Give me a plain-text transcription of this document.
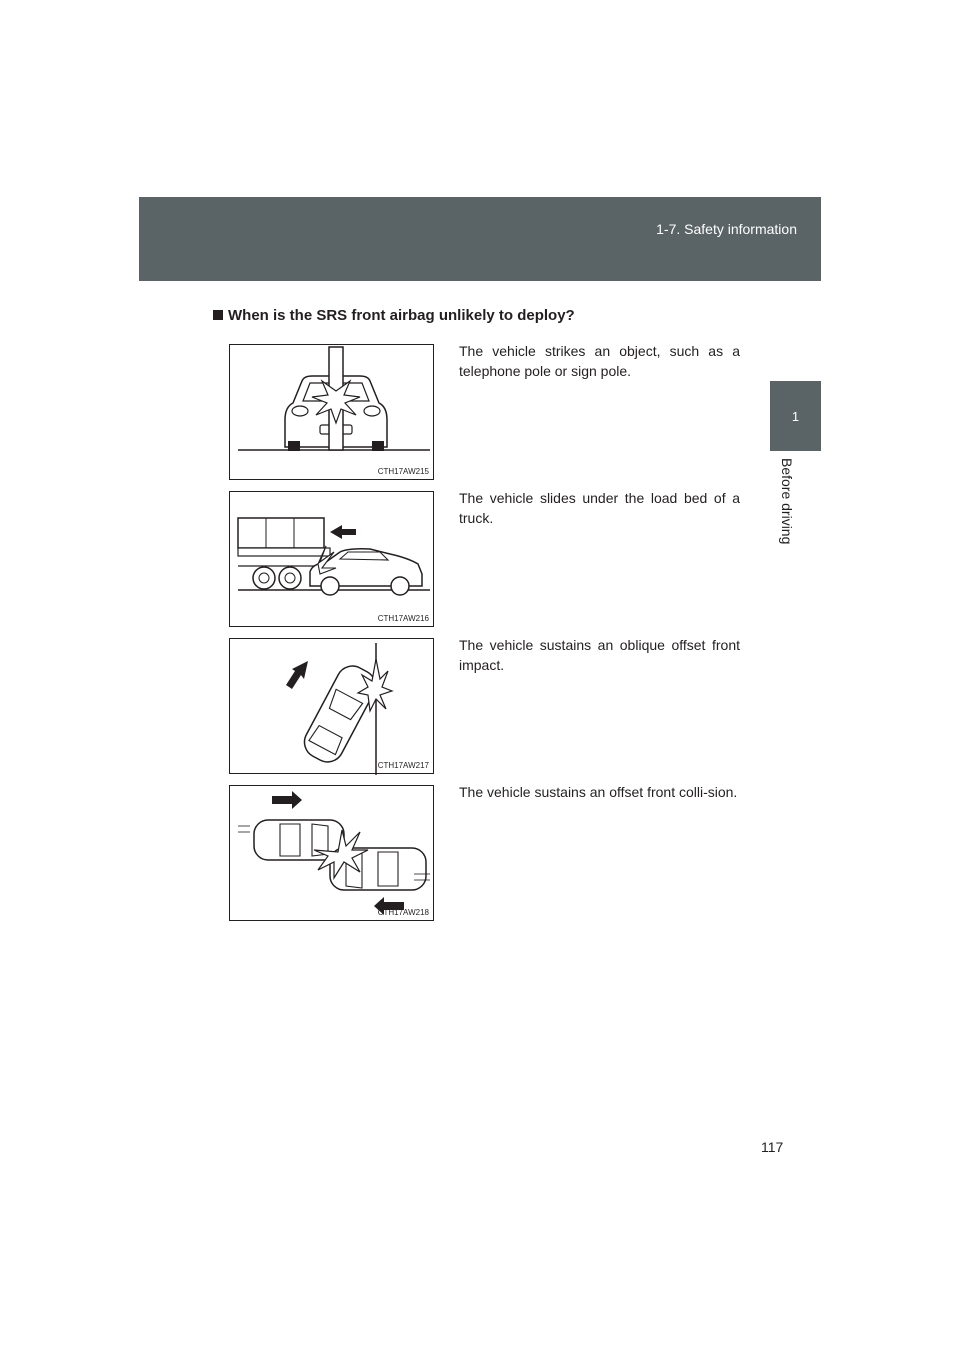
1-7. Safety information
1
Before driving
When is the SRS front airbag unlikely to deploy?
CTH17AW215
The vehicle strikes an object, such as a telephone pole or sign pole.
CTH17AW216
The vehicle slides under the load bed of a truck.
CTH17AW217
The vehicle sustains an oblique offset front impact.
CTH17AW218
The vehicle sustains an offset front colli-sion.
117
